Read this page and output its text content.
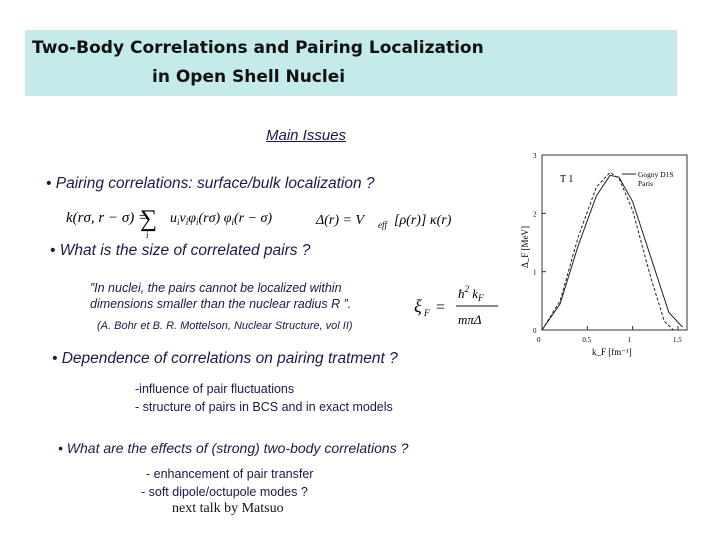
Two-Body Correlations and Pairing Localization
in Open Shell Nuclei
Main Issues
• Pairing correlations: surface/bulk localization ?
k(rσ, r − σ) =
∑
i
$u_iv_i\varphi_i(r\sigma) \varphi_i(r - \sigma)$	Δ(r) = V eff [ρ(r)] κ(r)
• What is the size of correlated pairs ?
”In nuclei, the pairs cannot be localized within
dimensions smaller than the nuclear radius R ”.
(A. Bohr et B. R. Mottelson, Nuclear Structure, vol II)
ξ F =
$ħ^2$ $k_F$
mπΔ
• Dependence of correlations on pairing tratment ?
-influence of pair fluctuations
- structure of pairs in BCS and in exact models
• What are the effects of (strong) two-body correlations ?
- enhancement of pair transfer
- soft dipole/octupole modes ?
next talk by Matsuo
0
1
2
3
0	0.5	1	1.5
T 1	Gogny D1S
Paris
Δ_F [MeV]
k_F [fm⁻¹]
